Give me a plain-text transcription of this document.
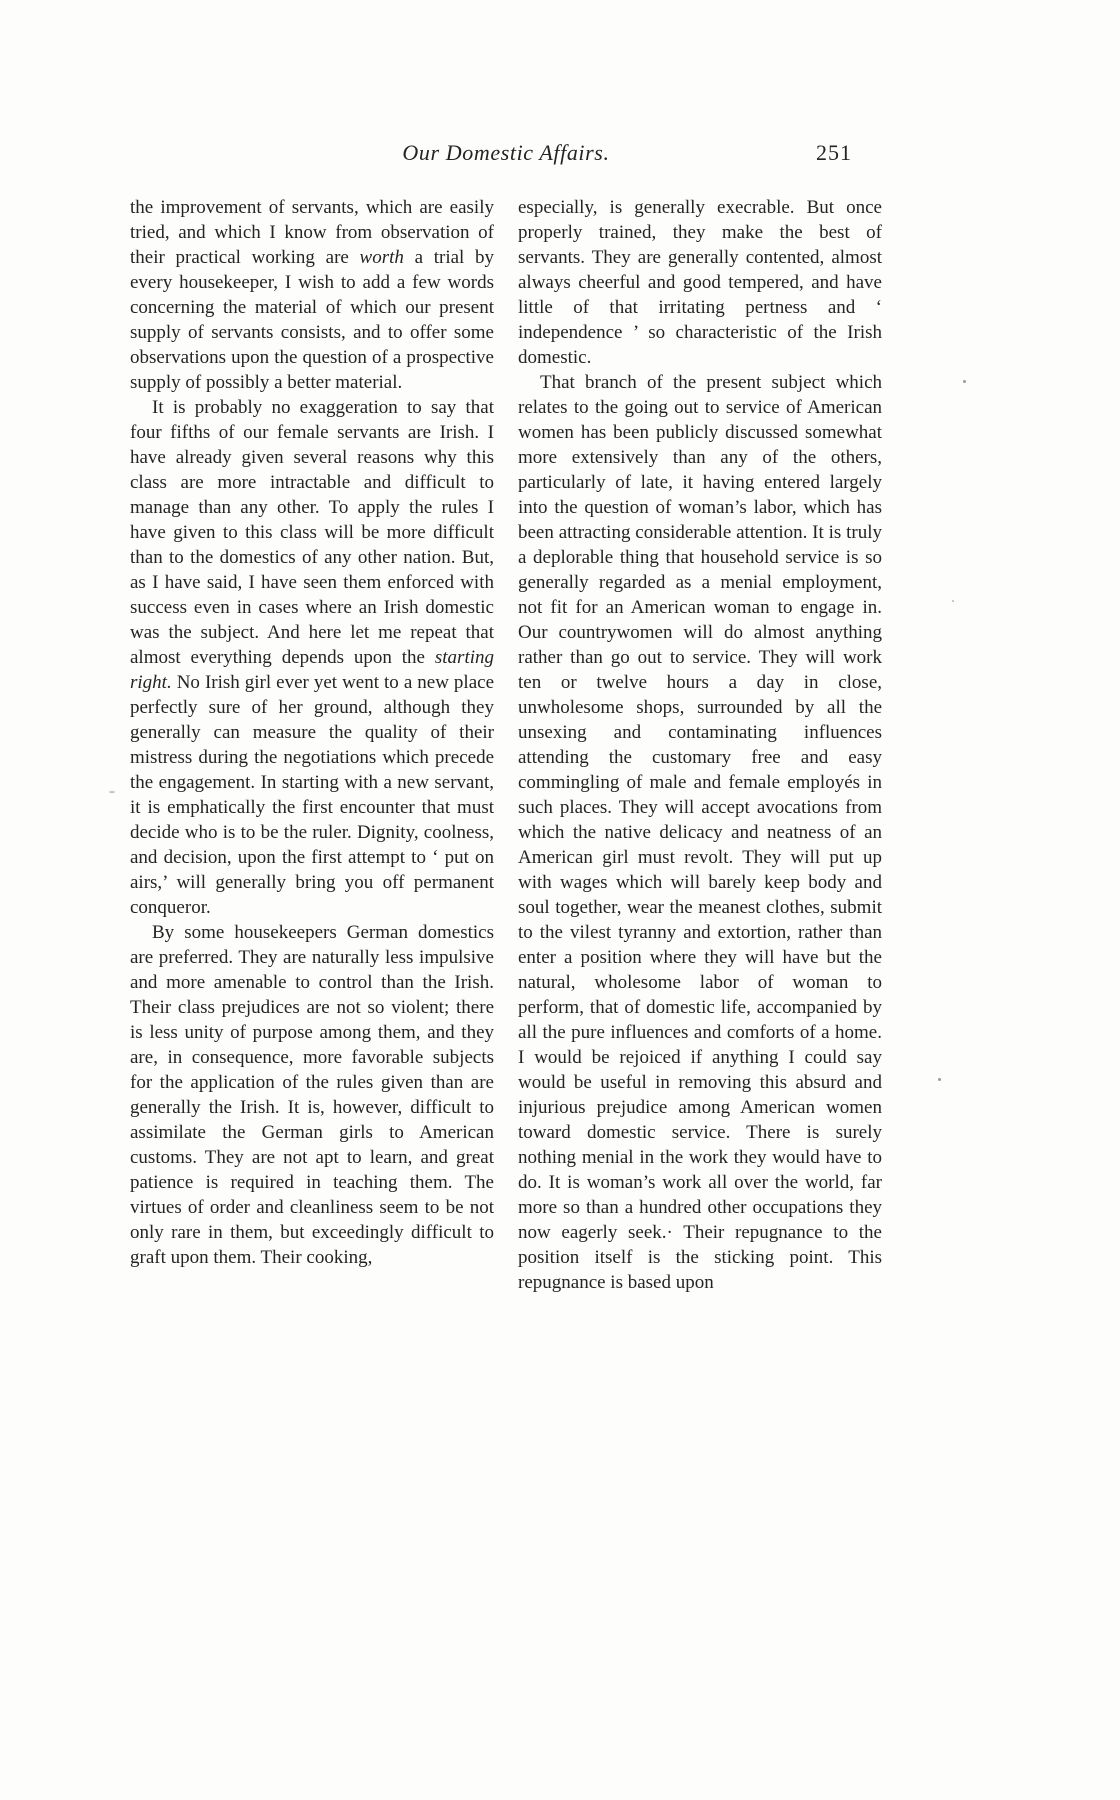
Our Domestic Affairs.	251

the improvement of servants, which are easily tried, and which I know from observation of their practical working are worth a trial by every housekeeper, I wish to add a few words concerning the material of which our present supply of servants consists, and to offer some observations upon the question of a prospective supply of possibly a better material.

It is probably no exaggeration to say that four fifths of our female servants are Irish. I have already given several reasons why this class are more intractable and difficult to manage than any other. To apply the rules I have given to this class will be more difficult than to the domestics of any other nation. But, as I have said, I have seen them enforced with success even in cases where an Irish domestic was the subject. And here let me repeat that almost everything depends upon the starting right. No Irish girl ever yet went to a new place perfectly sure of her ground, although they generally can measure the quality of their mistress during the negotiations which precede the engagement. In starting with a new servant, it is emphatically the first encounter that must decide who is to be the ruler. Dignity, coolness, and decision, upon the first attempt to ‘ put on airs,’ will generally bring you off permanent conqueror.

By some housekeepers German domestics are preferred. They are naturally less impulsive and more amenable to control than the Irish. Their class prejudices are not so violent; there is less unity of purpose among them, and they are, in consequence, more favorable subjects for the application of the rules given than are generally the Irish. It is, however, difficult to assimilate the German girls to American customs. They are not apt to learn, and great patience is required in teaching them. The virtues of order and cleanliness seem to be not only rare in them, but exceedingly difficult to graft upon them. Their cooking,

especially, is generally execrable. But once properly trained, they make the best of servants. They are generally contented, almost always cheerful and good tempered, and have little of that irritating pertness and ‘ independence ’ so characteristic of the Irish domestic.

That branch of the present subject which relates to the going out to service of American women has been publicly discussed somewhat more extensively than any of the others, particularly of late, it having entered largely into the question of woman’s labor, which has been attracting considerable attention. It is truly a deplorable thing that household service is so generally regarded as a menial employment, not fit for an American woman to engage in. Our countrywomen will do almost anything rather than go out to service. They will work ten or twelve hours a day in close, unwholesome shops, surrounded by all the unsexing and contaminating influences attending the customary free and easy commingling of male and female employés in such places. They will accept avocations from which the native delicacy and neatness of an American girl must revolt. They will put up with wages which will barely keep body and soul together, wear the meanest clothes, submit to the vilest tyranny and extortion, rather than enter a position where they will have but the natural, wholesome labor of woman to perform, that of domestic life, accompanied by all the pure influences and comforts of a home. I would be rejoiced if anything I could say would be useful in removing this absurd and injurious prejudice among American women toward domestic service. There is surely nothing menial in the work they would have to do. It is woman’s work all over the world, far more so than a hundred other occupations they now eagerly seek.· Their repugnance to the position itself is the sticking point. This repugnance is based upon
